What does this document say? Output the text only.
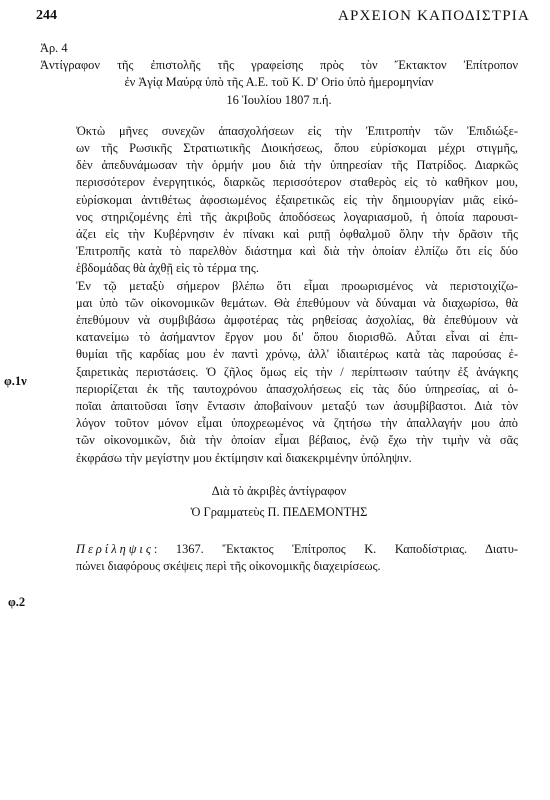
244	ΑΡΧΕΙΟΝ ΚΑΠΟΔΙΣΤΡΙΑ
φ.1ν
φ.2

Ἀρ. 4

Ἀντίγραφον τῆς ἐπιστολῆς τῆς γραφείσης πρὸς τὸν Ἔκτακτον Ἐπίτροπον
ἐν Ἁγίᾳ Μαύρᾳ ὑπὸ τῆς Α.Ε. τοῦ Κ. D' Orio ὑπὸ ἡμερομηνίαν
16 Ἰουλίου 1807 π.ή.
Ὀκτὼ μῆνες συνεχῶν ἀπασχολήσεων εἰς τὴν Ἐπιτροπὴν τῶν Ἐπιδιώξε-
ων τῆς Ρωσικῆς Στρατιωτικῆς Διοικήσεως, ὅπου εὑρίσκομαι μέχρι στιγμῆς,
δὲν ἀπεδυνάμωσαν τὴν ὁρμήν μου διὰ τὴν ὑπηρεσίαν τῆς Πατρίδος. Διαρκῶς
περισσότερον ἐνεργητικός, διαρκῶς περισσότερον σταθερὸς εἰς τὸ καθῆκον μου,
εὑρίσκομαι ἀντιθέτως ἀφοσιωμένος ἐξαιρετικῶς εἰς τὴν δημιουργίαν μιᾶς εἰκό-
νος στηριζομένης ἐπὶ τῆς ἀκριβοῦς ἀποδόσεως λογαριασμοῦ, ἡ ὁποία παρουσι-
άζει εἰς τὴν Κυβέρνησιν ἐν πίνακι καὶ ριπῇ ὀφθαλμοῦ ὅλην τὴν δρᾶσιν τῆς
Ἐπιτροπῆς κατὰ τὸ παρελθὸν διάστημα καὶ διὰ τὴν ὁποίαν ἐλπίζω ὅτι εἰς δύο
ἑβδομάδας θὰ ἀχθῇ εἰς τὸ τέρμα της.
Ἐν τῷ μεταξὺ σήμερον βλέπω ὅτι εἶμαι προωρισμένος νὰ περιστοιχίζω-
μαι ὑπὸ τῶν οἰκονομικῶν θεμάτων. Θὰ ἐπεθύμουν νὰ δύναμαι νὰ διαχωρίσω, θὰ
ἐπεθύμουν νὰ συμβιβάσω ἀμφοτέρας τὰς ρηθείσας ἀσχολίας, θὰ ἐπεθύμουν νὰ
κατανείμω τὸ ἀσήμαντον ἔργον μου δι' ὅπου διορισθῶ. Αὗται εἶναι αἱ ἐπι-
θυμίαι τῆς καρδίας μου ἐν παντὶ χρόνῳ, ἀλλ' ἰδιαιτέρως κατὰ τὰς παρούσας ἐ-
ξαιρετικὰς περιστάσεις. Ὁ ζῆλος ὅμως εἰς τὴν / περίπτωσιν ταύτην ἐξ ἀνάγκης
περιορίζεται ἐκ τῆς ταυτοχρόνου ἀπασχολήσεως εἰς τὰς δύο ὑπηρεσίας, αἱ ὁ-
ποῖαι ἀπαιτοῦσαι ἴσην ἔντασιν ἀποβαίνουν μεταξύ των ἀσυμβίβαστοι. Διὰ τὸν
λόγον τοῦτον μόνον εἶμαι ὑποχρεωμένος νὰ ζητήσω τὴν ἀπαλλαγήν μου ἀπὸ
τῶν οἰκονομικῶν, διὰ τὴν ὁποίαν εἶμαι βέβαιος, ἐνῷ ἔχω τὴν τιμὴν νὰ σᾶς
ἐκφράσω τὴν μεγίστην μου ἐκτίμησιν καὶ διακεκριμένην ὑπόληψιν.
Διὰ τὸ ἀκριβὲς ἀντίγραφον
Ὁ Γραμματεὺς Π. ΠΕΔΕΜΟΝΤΗΣ
Περίληψις: 1367. Ἔκτακτος Ἐπίτροπος Κ. Καποδίστριας. Διατυ-
πώνει διαφόρους σκέψεις περὶ τῆς οἰκονομικῆς διαχειρίσεως.
